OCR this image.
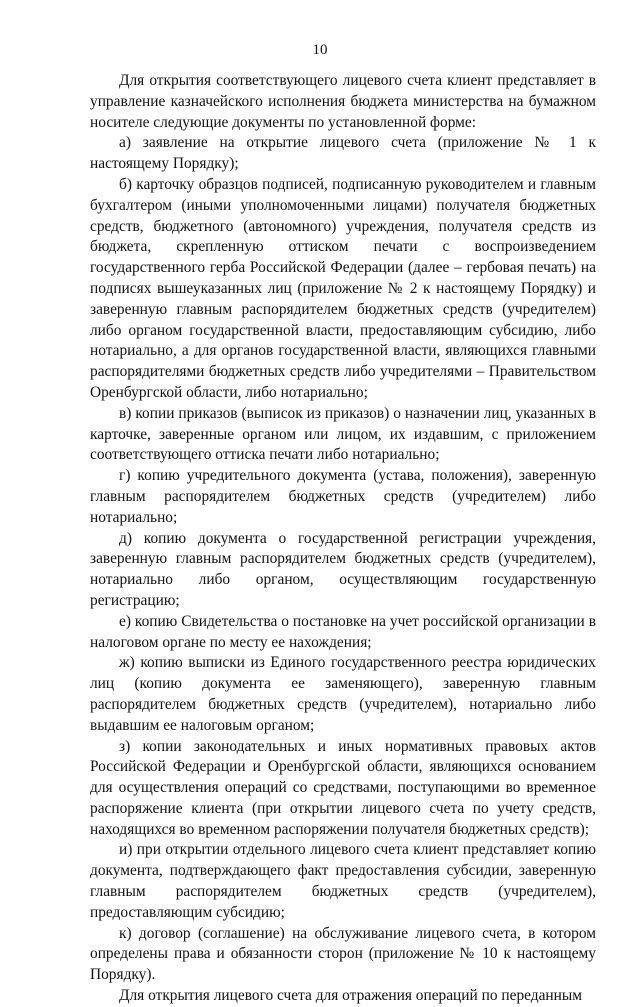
10

Для открытия соответствующего лицевого счета клиент представляет в управление казначейского исполнения бюджета министерства на бумажном носителе следующие документы по установленной форме:

а) заявление на открытие лицевого счета (приложение № 1 к настоящему Порядку);

б) карточку образцов подписей, подписанную руководителем и главным бухгалтером (иными уполномоченными лицами) получателя бюджетных средств, бюджетного (автономного) учреждения, получателя средств из бюджета, скрепленную оттиском печати с воспроизведением государственного герба Российской Федерации (далее – гербовая печать) на подписях вышеуказанных лиц (приложение № 2 к настоящему Порядку) и заверенную главным распорядителем бюджетных средств (учредителем) либо органом государственной власти, предоставляющим субсидию, либо нотариально, а для органов государственной власти, являющихся главными распорядителями бюджетных средств либо учредителями – Правительством Оренбургской области, либо нотариально;

в) копии приказов (выписок из приказов) о назначении лиц, указанных в карточке, заверенные органом или лицом, их издавшим, с приложением соответствующего оттиска печати либо нотариально;

г) копию учредительного документа (устава, положения), заверенную главным распорядителем бюджетных средств (учредителем) либо нотариально;

д) копию документа о государственной регистрации учреждения, заверенную главным распорядителем бюджетных средств (учредителем), нотариально либо органом, осуществляющим государственную регистрацию;

е) копию Свидетельства о постановке на учет российской организации в налоговом органе по месту ее нахождения;

ж) копию выписки из Единого государственного реестра юридических лиц (копию документа ее заменяющего), заверенную главным распорядителем бюджетных средств (учредителем), нотариально либо выдавшим ее налоговым органом;

з) копии законодательных и иных нормативных правовых актов Российской Федерации и Оренбургской области, являющихся основанием для осуществления операций со средствами, поступающими во временное распоряжение клиента (при открытии лицевого счета по учету средств, находящихся во временном распоряжении получателя бюджетных средств);

и) при открытии отдельного лицевого счета клиент представляет копию документа, подтверждающего факт предоставления субсидии, заверенную главным распорядителем бюджетных средств (учредителем), предоставляющим субсидию;

к) договор (соглашение) на обслуживание лицевого счета, в котором определены права и обязанности сторон (приложение № 10 к настоящему Порядку).

Для открытия лицевого счета для отражения операций по переданным
